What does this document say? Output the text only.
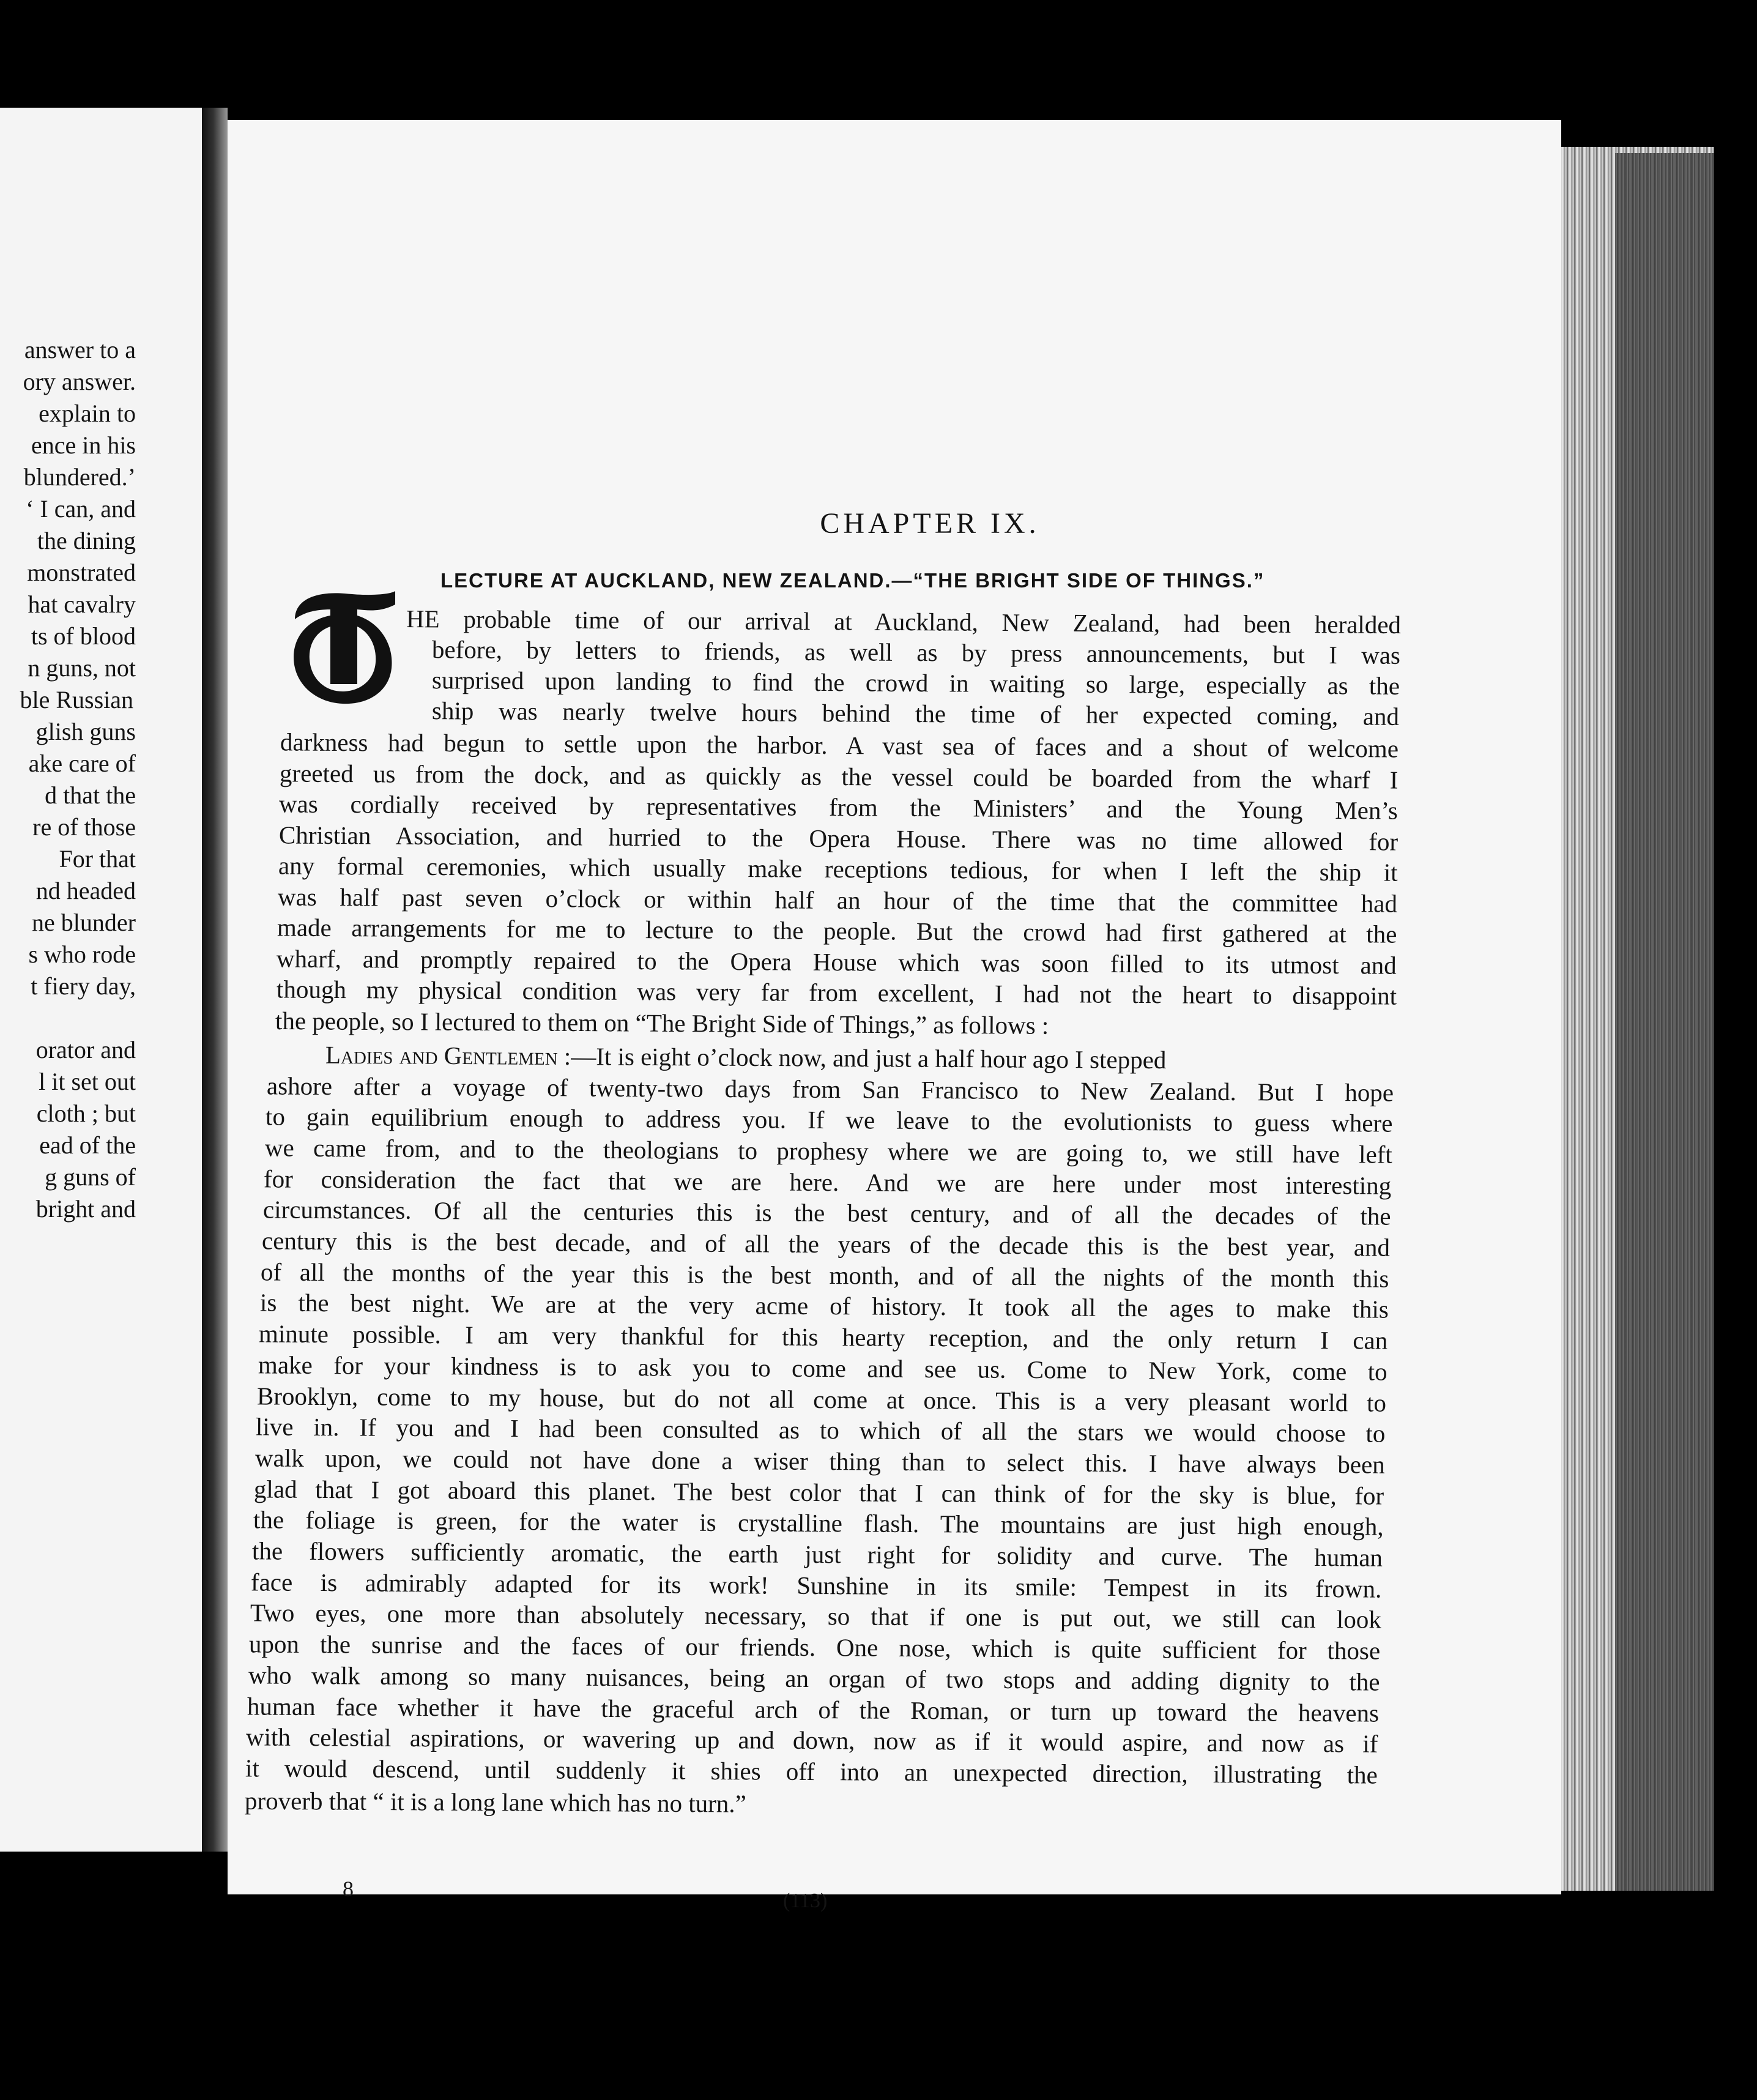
answer to a
ory answer.
explain to
ence in his
blundered.’
‘ I can, and
the dining
monstrated
hat cavalry
ts of blood
n guns, not
ble Russian
glish guns
ake care of
d that the
re of those
For that
nd headed
ne blunder
s who rode
t fiery day,
orator and
l it set out
cloth ; but
ead of the
g guns of
bright and
CHAPTER IX.
LECTURE AT AUCKLAND, NEW ZEALAND.—“THE BRIGHT SIDE OF THINGS.”
T
HE probable time of our arrival at Auckland, New Zealand, had been heralded
before, by letters to friends, as well as by press announcements, but I was
surprised upon landing to find the crowd in waiting so large, especially as the
ship was nearly twelve hours behind the time of her expected coming, and
darkness had begun to settle upon the harbor. A vast sea of faces and a shout of welcome
greeted us from the dock, and as quickly as the vessel could be boarded from the wharf I
was cordially received by representatives from the Ministers’ and the Young Men’s
Christian Association, and hurried to the Opera House. There was no time allowed for
any formal ceremonies, which usually make receptions tedious, for when I left the ship it
was half past seven o’clock or within half an hour of the time that the committee had
made arrangements for me to lecture to the people. But the crowd had first gathered at the
wharf, and promptly repaired to the Opera House which was soon filled to its utmost and
though my physical condition was very far from excellent, I had not the heart to disappoint
the people, so I lectured to them on “The Bright Side of Things,” as follows :
Ladies and Gentlemen :—It is eight o’clock now, and just a half hour ago I stepped
ashore after a voyage of twenty-two days from San Francisco to New Zealand. But I hope
to gain equilibrium enough to address you. If we leave to the evolutionists to guess where
we came from, and to the theologians to prophesy where we are going to, we still have left
for consideration the fact that we are here. And we are here under most interesting
circumstances. Of all the centuries this is the best century, and of all the decades of the
century this is the best decade, and of all the years of the decade this is the best year, and
of all the months of the year this is the best month, and of all the nights of the month this
is the best night. We are at the very acme of history. It took all the ages to make this
minute possible. I am very thankful for this hearty reception, and the only return I can
make for your kindness is to ask you to come and see us. Come to New York, come to
Brooklyn, come to my house, but do not all come at once. This is a very pleasant world to
live in. If you and I had been consulted as to which of all the stars we would choose to
walk upon, we could not have done a wiser thing than to select this. I have always been
glad that I got aboard this planet. The best color that I can think of for the sky is blue, for
the foliage is green, for the water is crystalline flash. The mountains are just high enough,
the flowers sufficiently aromatic, the earth just right for solidity and curve. The human
face is admirably adapted for its work! Sunshine in its smile: Tempest in its frown.
Two eyes, one more than absolutely necessary, so that if one is put out, we still can look
upon the sunrise and the faces of our friends. One nose, which is quite sufficient for those
who walk among so many nuisances, being an organ of two stops and adding dignity to the
human face whether it have the graceful arch of the Roman, or turn up toward the heavens
with celestial aspirations, or wavering up and down, now as if it would aspire, and now as if
it would descend, until suddenly it shies off into an unexpected direction, illustrating the
proverb that “ it is a long lane which has no turn.”
8	(113)
